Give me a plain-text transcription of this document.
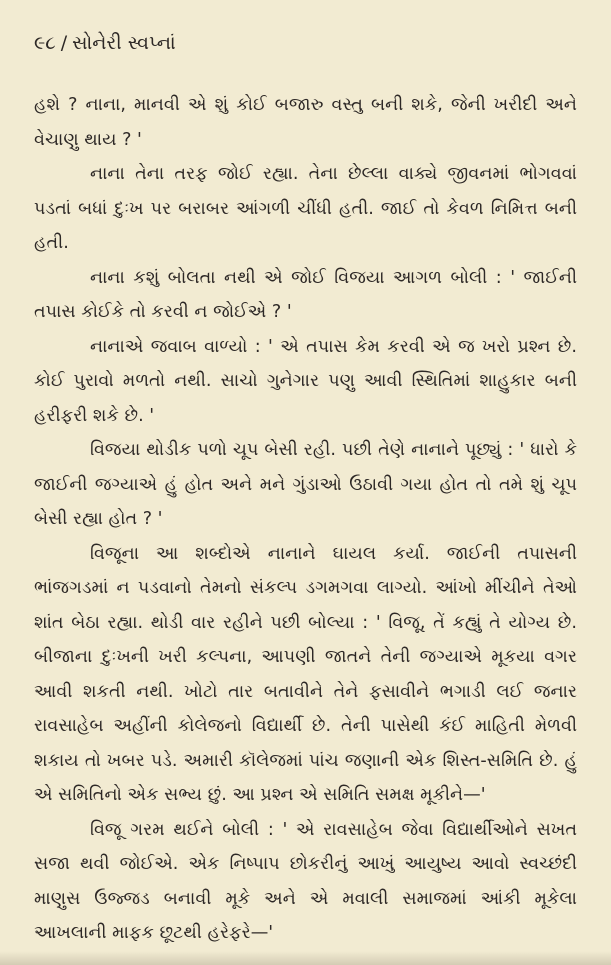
૯૮ / સોનેરી સ્વપ્નાં

હશે ? નાના, માનવી એ શું કોઈ બજારુ વસ્તુ બની શકે, જેની ખરીદી અને વેચાણુ થાય ? '

નાના તેના તરફ જોઈ રહ્યા. તેના છેલ્લા વાક્યે જીવનમાં ભોગવવાં પડતાં બધાં દુઃખ પર બરાબર આંગળી ચીંધી હતી. જાઈ તો કેવળ નિમિત્ત બની હતી.

નાના કશું બોલતા નથી એ જોઈ વિજયા આગળ બોલી : ' જાઈની તપાસ કોઈકે તો કરવી ન જોઈએ ? '

નાનાએ જવાબ વાળ્યો : ' એ તપાસ કેમ કરવી એ જ ખરો પ્રશ્ન છે. કોઈ પુરાવો મળતો નથી. સાચો ગુનેગાર પણુ આવી સ્થિતિમાં શાહુકાર બની હરીફરી શકે છે. '

વિજયા થોડીક પળો ચૂપ બેસી રહી. પછી તેણે નાનાને પૂછ્યું : ' ધારો કે જાઈની જગ્યાએ હું હોત અને મને ગુંડાઓ ઉઠાવી ગયા હોત તો તમે શું ચૂપ બેસી રહ્યા હોત ? '

વિજૂના આ શબ્દોએ નાનાને ઘાયલ કર્યા. જાઈની તપાસની ભાંજગડમાં ન પડવાનો તેમનો સંકલ્પ ડગમગવા લાગ્યો. આંખો મીંચીને તેઓ શાંત બેઠા રહ્યા. થોડી વાર રહીને પછી બોલ્યા : ' વિજૂ, તેં કહ્યું તે યોગ્ય છે. બીજાના દુઃખની ખરી કલ્પના, આપણી જાતને તેની જગ્યાએ મૂકયા વગર આવી શકતી નથી. ખોટો તાર બતાવીને તેને ફસાવીને ભગાડી લઈ જનાર રાવસાહેબ અહીંની કોલેજનો વિદ્યાર્થી છે. તેની પાસેથી કંઈ માહિતી મેળવી શકાય તો ખબર પડે. અમારી કૉલેજમાં પાંચ જણાની એક શિસ્ત-સમિતિ છે. હું એ સમિતિનો એક સભ્ય છું. આ પ્રશ્ન એ સમિતિ સમક્ષ મૂકીને—'

વિજૂ ગરમ થઈને બોલી : ' એ રાવસાહેબ જેવા વિદ્યાર્થીઓને સખત સજા થવી જોઈએ. એક નિષ્પાપ છોકરીનું આખું આયુષ્ય આવો સ્વચ્છંદી માણુસ ઉજ્જડ બનાવી મૂકે અને એ મવાલી સમાજમાં આંકી મૂકેલા આખલાની માફક છૂટથી હરેફરે—'
